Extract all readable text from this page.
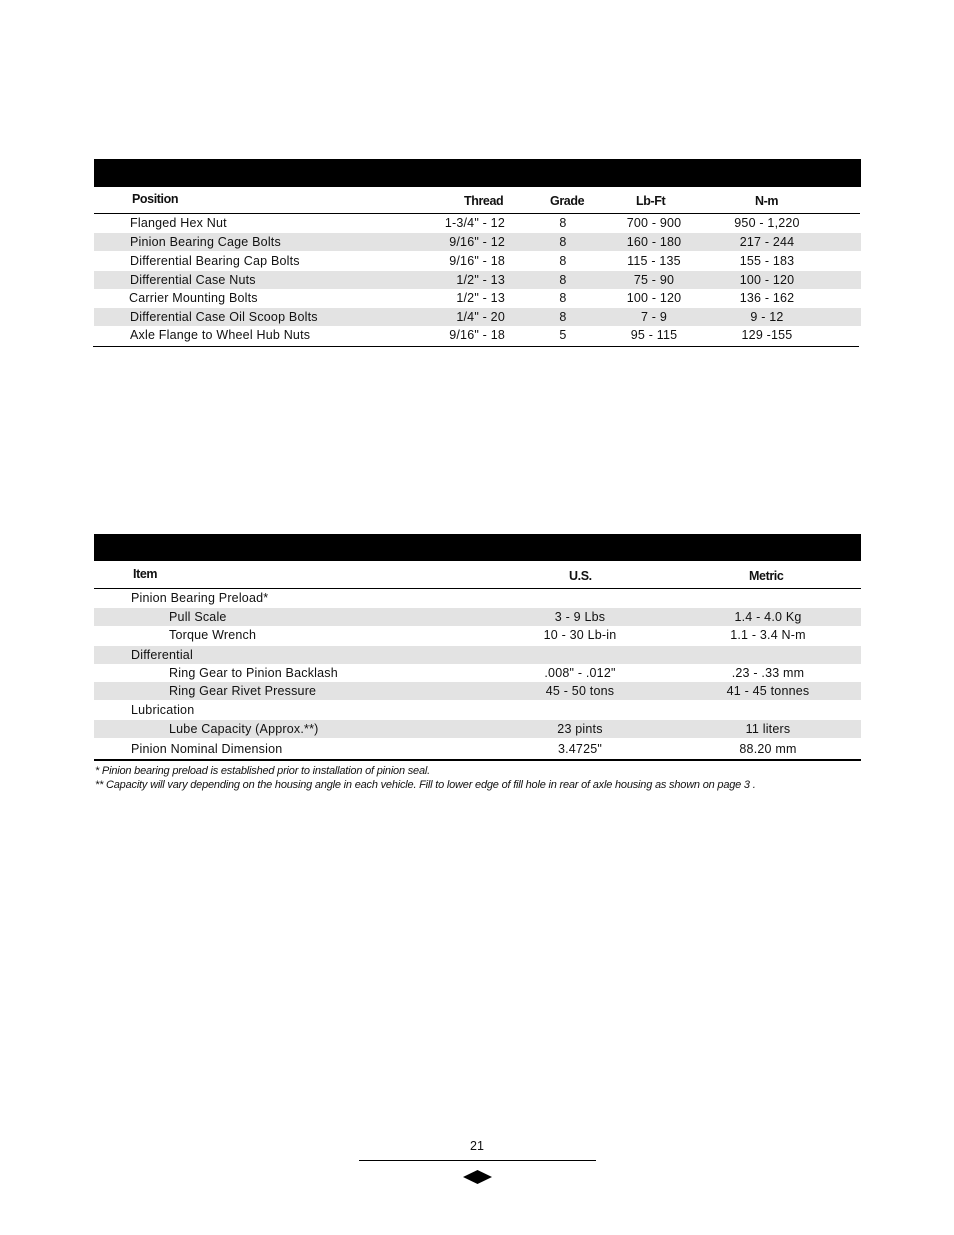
Position	Thread	Grade	Lb-Ft	N-m
Flanged Hex Nut	1-3/4" - 12	8	700 - 900	950 - 1,220
Pinion Bearing Cage Bolts	9/16" - 12	8	160 - 180	217 - 244
Differential Bearing Cap Bolts	9/16" - 18	8	115 - 135	155 - 183
Differential Case Nuts	1/2" - 13	8	75 - 90	100 - 120
Carrier Mounting Bolts	1/2" - 13	8	100 - 120	136 - 162
Differential Case Oil Scoop Bolts	1/4" - 20	8	7 - 9	9 - 12
Axle Flange to Wheel Hub Nuts	9/16" - 18	5	95 - 115	129 -155
Item	U.S.	Metric
Pinion Bearing Preload*
Pull Scale	3 - 9 Lbs	1.4 - 4.0 Kg
Torque Wrench	10 - 30 Lb-in	1.1 - 3.4 N-m
Differential
Ring Gear to Pinion Backlash	.008" - .012"	.23 - .33 mm
Ring Gear Rivet Pressure	45 - 50 tons	41 - 45 tonnes
Lubrication
Lube Capacity (Approx.**)	23 pints	11 liters
Pinion Nominal Dimension	3.4725"	88.20 mm
* Pinion bearing preload is established prior to installation of pinion seal.
** Capacity will vary depending on the housing angle in each vehicle. Fill to lower edge of fill hole in rear of axle housing as shown on page 3 .
21
